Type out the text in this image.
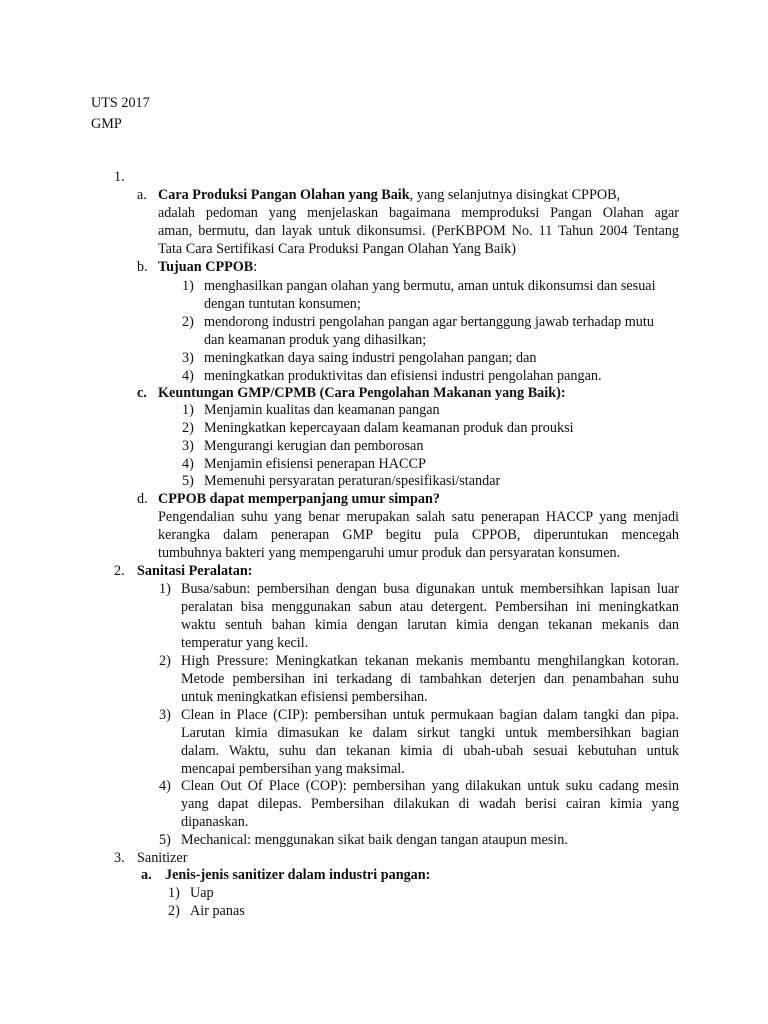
UTS 2017
GMP
1.
a. Cara Produksi Pangan Olahan yang Baik, yang selanjutnya disingkat CPPOB,
adalah pedoman yang menjelaskan bagaimana memproduksi Pangan Olahan agar
aman, bermutu, dan layak untuk dikonsumsi. (PerKBPOM No. 11 Tahun 2004 Tentang
Tata Cara Sertifikasi Cara Produksi Pangan Olahan Yang Baik)
b. Tujuan CPPOB:
1) menghasilkan pangan olahan yang bermutu, aman untuk dikonsumsi dan sesuai
dengan tuntutan konsumen;
2) mendorong industri pengolahan pangan agar bertanggung jawab terhadap mutu
dan keamanan produk yang dihasilkan;
3) meningkatkan daya saing industri pengolahan pangan; dan
4) meningkatkan produktivitas dan efisiensi industri pengolahan pangan.
c. Keuntungan GMP/CPMB (Cara Pengolahan Makanan yang Baik):
1) Menjamin kualitas dan keamanan pangan
2) Meningkatkan kepercayaan dalam keamanan produk dan prouksi
3) Mengurangi kerugian dan pemborosan
4) Menjamin efisiensi penerapan HACCP
5) Memenuhi persyaratan peraturan/spesifikasi/standar
d. CPPOB dapat memperpanjang umur simpan?
Pengendalian suhu yang benar merupakan salah satu penerapan HACCP yang menjadi
kerangka dalam penerapan GMP begitu pula CPPOB, diperuntukan mencegah
tumbuhnya bakteri yang mempengaruhi umur produk dan persyaratan konsumen.
2. Sanitasi Peralatan:
1) Busa/sabun: pembersihan dengan busa digunakan untuk membersihkan lapisan luar
peralatan bisa menggunakan sabun atau detergent. Pembersihan ini meningkatkan
waktu sentuh bahan kimia dengan larutan kimia dengan tekanan mekanis dan
temperatur yang kecil.
2) High Pressure: Meningkatkan tekanan mekanis membantu menghilangkan kotoran.
Metode pembersihan ini terkadang di tambahkan deterjen dan penambahan suhu
untuk meningkatkan efisiensi pembersihan.
3) Clean in Place (CIP): pembersihan untuk permukaan bagian dalam tangki dan pipa.
Larutan kimia dimasukan ke dalam sirkut tangki untuk membersihkan bagian
dalam. Waktu, suhu dan tekanan kimia di ubah-ubah sesuai kebutuhan untuk
mencapai pembersihan yang maksimal.
4) Clean Out Of Place (COP): pembersihan yang dilakukan untuk suku cadang mesin
yang dapat dilepas. Pembersihan dilakukan di wadah berisi cairan kimia yang
dipanaskan.
5) Mechanical: menggunakan sikat baik dengan tangan ataupun mesin.
3. Sanitizer
a. Jenis-jenis sanitizer dalam industri pangan:
1) Uap
2) Air panas
